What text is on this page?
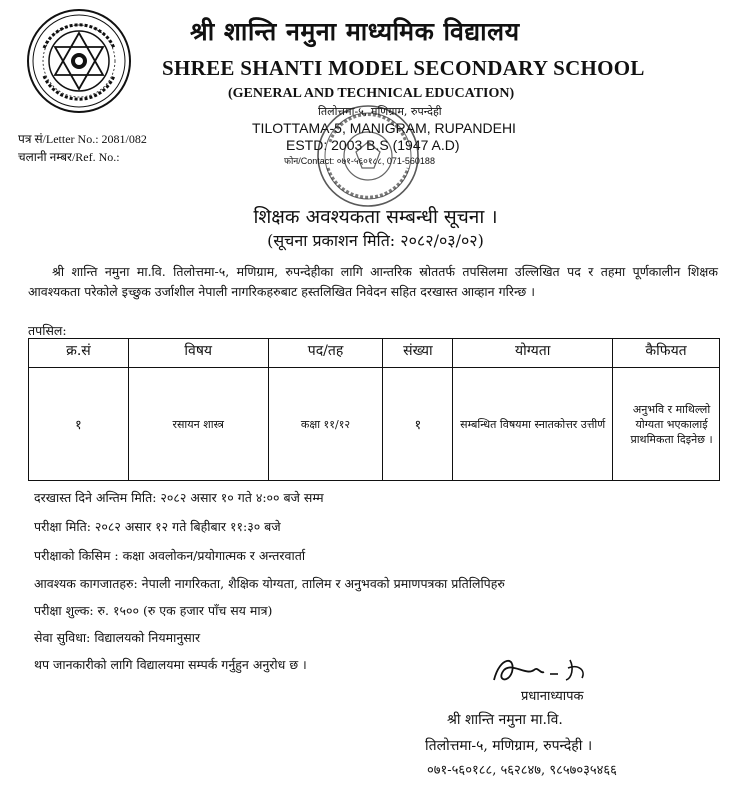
श्री शान्ति नमुना माध्यमिक विद्यालय
SHREE SHANTI MODEL SECONDARY SCHOOL
(GENERAL AND TECHNICAL EDUCATION)
तिलोत्तमा-५, मणिग्राम, रुपन्देही
TILOTTAMA-5, MANIGRAM, RUPANDEHI
ESTD: 2003 B.S (1947 A.D)
फोन/Contact: ०७१-५६०१८८, 071-560188
पत्र सं/Letter No.: 2081/082
चलानी नम्बर/Ref. No.:
शिक्षक अवश्यकता सम्बन्धी सूचना ।
(सूचना प्रकाशन मिति: २०८२/०३/०२)
श्री शान्ति नमुना मा.वि. तिलोत्तमा-५, मणिग्राम, रुपन्देहीका लागि आन्तरिक स्रोततर्फ तपसिलमा उल्लिखित पद र तहमा पूर्णकालीन शिक्षक आवश्यकता परेकोले इच्छुक उर्जाशील नेपाली नागरिकहरुबाट हस्तलिखित निवेदन सहित दरखास्त आव्हान गरिन्छ ।
तपसिल:
क्र.सं	विषय	पद/तह	संख्या	योग्यता	कैफियत
१	रसायन शास्त्र	कक्षा ११/१२	१	सम्बन्धित विषयमा स्नातकोत्तर उत्तीर्ण	अनुभवि र माथिल्लो
योग्यता भएकालाई
प्राथमिकता दिइनेछ ।
दरखास्त दिने अन्तिम मिति: २०८२ असार १० गते ४:०० बजे सम्म
परीक्षा मिति: २०८२ असार १२ गते बिहीबार ११:३० बजे
परीक्षाको किसिम : कक्षा अवलोकन/प्रयोगात्मक र अन्तरवार्ता
आवश्यक कागजातहरु: नेपाली नागरिकता, शैक्षिक योग्यता, तालिम र अनुभवको प्रमाणपत्रका प्रतिलिपिहरु
परीक्षा शुल्क: रु. १५०० (रु एक हजार पाँच सय मात्र)
सेवा सुविधा: विद्यालयको नियमानुसार
थप जानकारीको लागि विद्यालयमा सम्पर्क गर्नुहुन अनुरोध छ ।
प्रधानाध्यापक
श्री शान्ति नमुना मा.वि.
तिलोत्तमा-५, मणिग्राम, रुपन्देही ।
०७१-५६०१८८, ५६२८४७, ९८५७०३५४६६
